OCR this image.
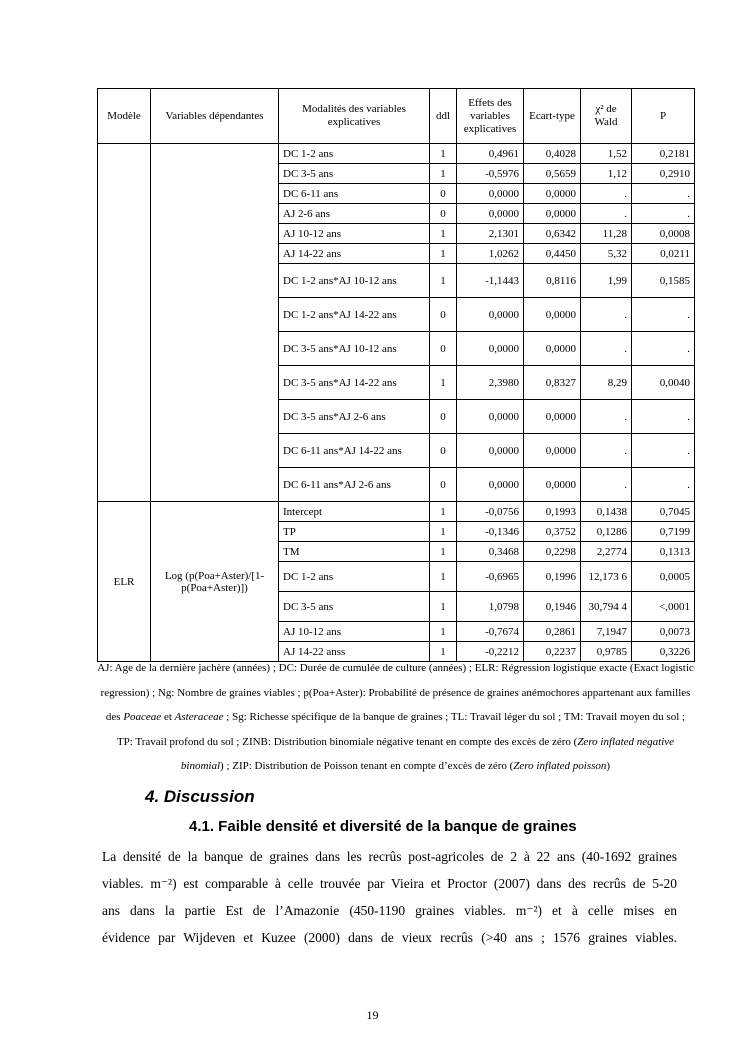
Modèle	Variables dépendantes	Modalités des variables explicatives	ddl	Effets des variables explicatives	Ecart-type	χ² de Wald	P
		DC 1-2 ans	1	0,4961	0,4028	1,52	0,2181
		DC 3-5 ans	1	-0,5976	0,5659	1,12	0,2910
		DC 6-11 ans	0	0,0000	0,0000	.	.
		AJ 2-6 ans	0	0,0000	0,0000	.	.
		AJ 10-12 ans	1	2,1301	0,6342	11,28	0,0008
		AJ 14-22 ans	1	1,0262	0,4450	5,32	0,0211
		DC 1-2 ans*AJ 10-12 ans	1	-1,1443	0,8116	1,99	0,1585
		DC 1-2 ans*AJ 14-22 ans	0	0,0000	0,0000	.	.
		DC 3-5 ans*AJ 10-12 ans	0	0,0000	0,0000	.	.
		DC 3-5 ans*AJ 14-22 ans	1	2,3980	0,8327	8,29	0,0040
		DC 3-5 ans*AJ 2-6 ans	0	0,0000	0,0000	.	.
		DC 6-11 ans*AJ 14-22 ans	0	0,0000	0,0000	.	.
		DC 6-11 ans*AJ 2-6 ans	0	0,0000	0,0000	.	.
ELR	Log (p(Poa+Aster)/[1-p(Poa+Aster)])	Intercept	1	-0,0756	0,1993	0,1438	0,7045
		TP	1	-0,1346	0,3752	0,1286	0,7199
		TM	1	0,3468	0,2298	2,2774	0,1313
		DC 1-2 ans	1	-0,6965	0,1996	12,173 6	0,0005
		DC 3-5 ans	1	1,0798	0,1946	30,794 4	<,0001
		AJ 10-12 ans	1	-0,7674	0,2861	7,1947	0,0073
		AJ 14-22 anss	1	-0,2212	0,2237	0,9785	0,3226
AJ: Age de la dernière jachère (années) ; DC: Durée de cumulée de culture (années) ; ELR: Régression logistique exacte (Exact logistic regression) ; Ng: Nombre de graines viables ; p(Poa+Aster): Probabilité de présence de graines anémochores appartenant aux familles des Poaceae et Asteraceae ; Sg: Richesse spécifique de la banque de graines ; TL: Travail léger du sol ; TM: Travail moyen du sol ; TP: Travail profond du sol ; ZINB: Distribution binomiale négative tenant en compte des excès de zéro (Zero inflated negative binomial) ; ZIP: Distribution de Poisson tenant en compte d’excès de zéro (Zero inflated poisson)
4. Discussion
4.1. Faible densité et diversité de la banque de graines
La densité de la banque de graines dans les recrûs post-agricoles de 2 à 22 ans (40-1692 graines
viables. m⁻²) est comparable à celle trouvée par Vieira et Proctor (2007) dans des recrûs de 5-20
ans dans la partie Est de l’Amazonie (450-1190 graines viables. m⁻²) et à celle mises en
évidence par Wijdeven et Kuzee (2000) dans de vieux recrûs (>40 ans ; 1576 graines viables.
19
